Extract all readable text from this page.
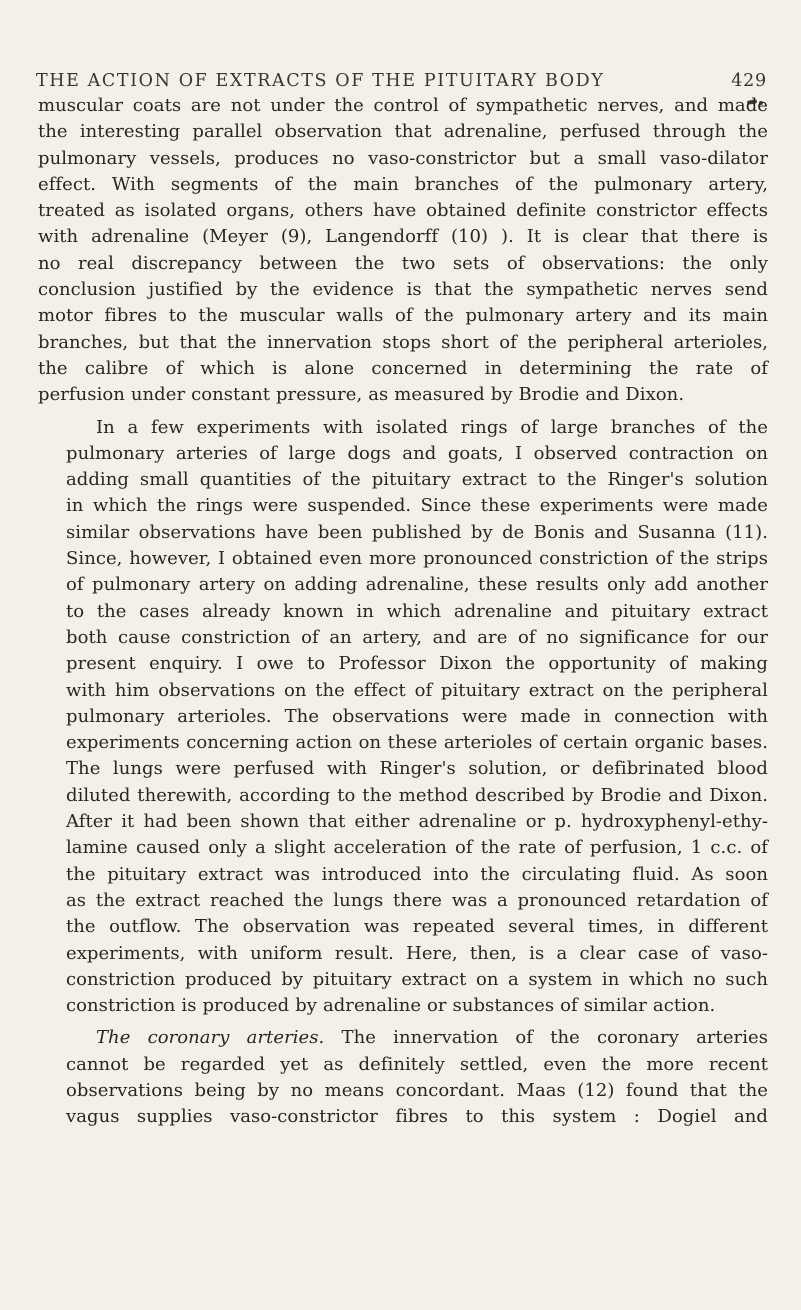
THE ACTION OF EXTRACTS OF THE PITUITARY BODY	429

muscular coats are not under the control of sympathetic nerves, and made
the interesting parallel observation that adrenaline, perfused through the
pulmonary vessels, produces no vaso-constrictor but a small vaso-dilator
effect. With segments of the main branches of the pulmonary artery,
treated as isolated organs, others have obtained definite constrictor effects
with adrenaline (Meyer (9), Langendorff (10) ). It is clear that there is
no real discrepancy between the two sets of observations: the only
conclusion justified by the evidence is that the sympathetic nerves send
motor fibres to the muscular walls of the pulmonary artery and its main
branches, but that the innervation stops short of the peripheral arterioles,
the calibre of which is alone concerned in determining the rate of
perfusion under constant pressure, as measured by Brodie and Dixon.

In a few experiments with isolated rings of large branches of the
pulmonary arteries of large dogs and goats, I observed contraction on
adding small quantities of the pituitary extract to the Ringer's solution
in which the rings were suspended. Since these experiments were made
similar observations have been published by de Bonis and Susanna (11).
Since, however, I obtained even more pronounced constriction of the strips
of pulmonary artery on adding adrenaline, these results only add another
to the cases already known in which adrenaline and pituitary extract
both cause constriction of an artery, and are of no significance for our
present enquiry. I owe to Professor Dixon the opportunity of making
with him observations on the effect of pituitary extract on the peripheral
pulmonary arterioles. The observations were made in connection with
experiments concerning action on these arterioles of certain organic bases.
The lungs were perfused with Ringer's solution, or defibrinated blood
diluted therewith, according to the method described by Brodie and Dixon.
After it had been shown that either adrenaline or p. hydroxyphenyl-ethy-
lamine caused only a slight acceleration of the rate of perfusion, 1 c.c. of
the pituitary extract was introduced into the circulating fluid. As soon
as the extract reached the lungs there was a pronounced retardation of
the outflow. The observation was repeated several times, in different
experiments, with uniform result. Here, then, is a clear case of vaso-
constriction produced by pituitary extract on a system in which no such
constriction is produced by adrenaline or substances of similar action.

The coronary arteries. The innervation of the coronary arteries
cannot be regarded yet as definitely settled, even the more recent
observations being by no means concordant. Maas (12) found that the
vagus supplies vaso-constrictor fibres to this system : Dogiel and
